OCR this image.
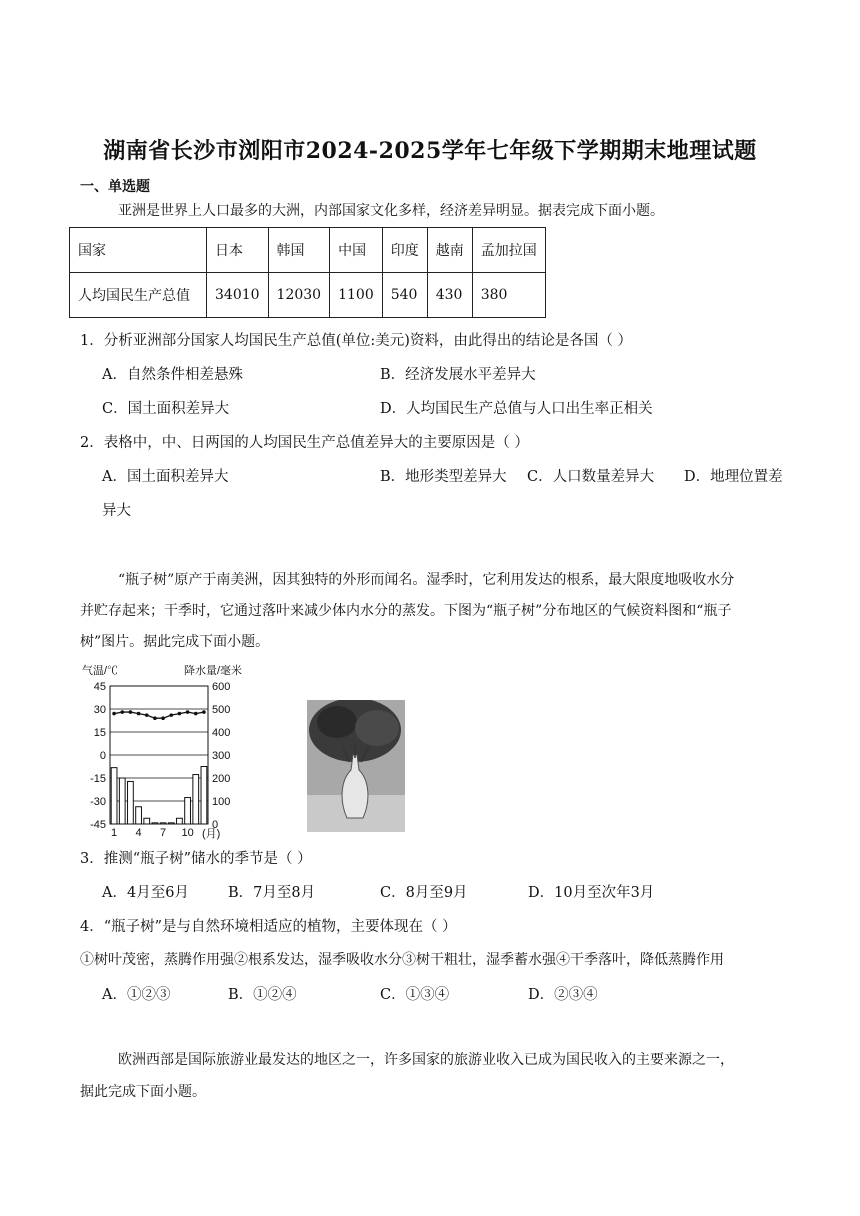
湖南省长沙市浏阳市2024-2025学年七年级下学期期末地理试题
一、单选题
亚洲是世界上人口最多的大洲，内部国家文化多样，经济差异明显。据表完成下面小题。
国家	日本	韩国	中国	印度	越南	孟加拉国
人均国民生产总值	34010	12030	1100	540	430	380
1．分析亚洲部分国家人均国民生产总值(单位:美元)资料，由此得出的结论是各国（ ）
A．自然条件相差悬殊	B．经济发展水平差异大
C．国土面积差异大	D．人均国民生产总值与人口出生率正相关
2．表格中，中、日两国的人均国民生产总值差异大的主要原因是（ ）
A．国土面积差异大	B．地形类型差异大 C．人口数量差异大 D．地理位置差
异大
“瓶子树”原产于南美洲，因其独特的外形而闻名。湿季时，它利用发达的根系，最大限度地吸收水分
并贮存起来；干季时，它通过落叶来减少体内水分的蒸发。下图为“瓶子树”分布地区的气候资料图和“瓶子
树”图片。据此完成下面小题。
气温/℃	降水量/毫米
45	600
30	500
15	400
0	300
-15	200
-30	100
-45	0
1 4 7 10 (月)
3．推测“瓶子树”储水的季节是（ ）
A．4月至6月	B．7月至8月	C．8月至9月	D．10月至次年3月
4．“瓶子树”是与自然环境相适应的植物，主要体现在（ ）
①树叶茂密，蒸腾作用强②根系发达，湿季吸收水分③树干粗壮，湿季蓄水强④干季落叶，降低蒸腾作用
A．①②③	B．①②④	C．①③④	D．②③④
欧洲西部是国际旅游业最发达的地区之一，许多国家的旅游业收入已成为国民收入的主要来源之一，
据此完成下面小题。
